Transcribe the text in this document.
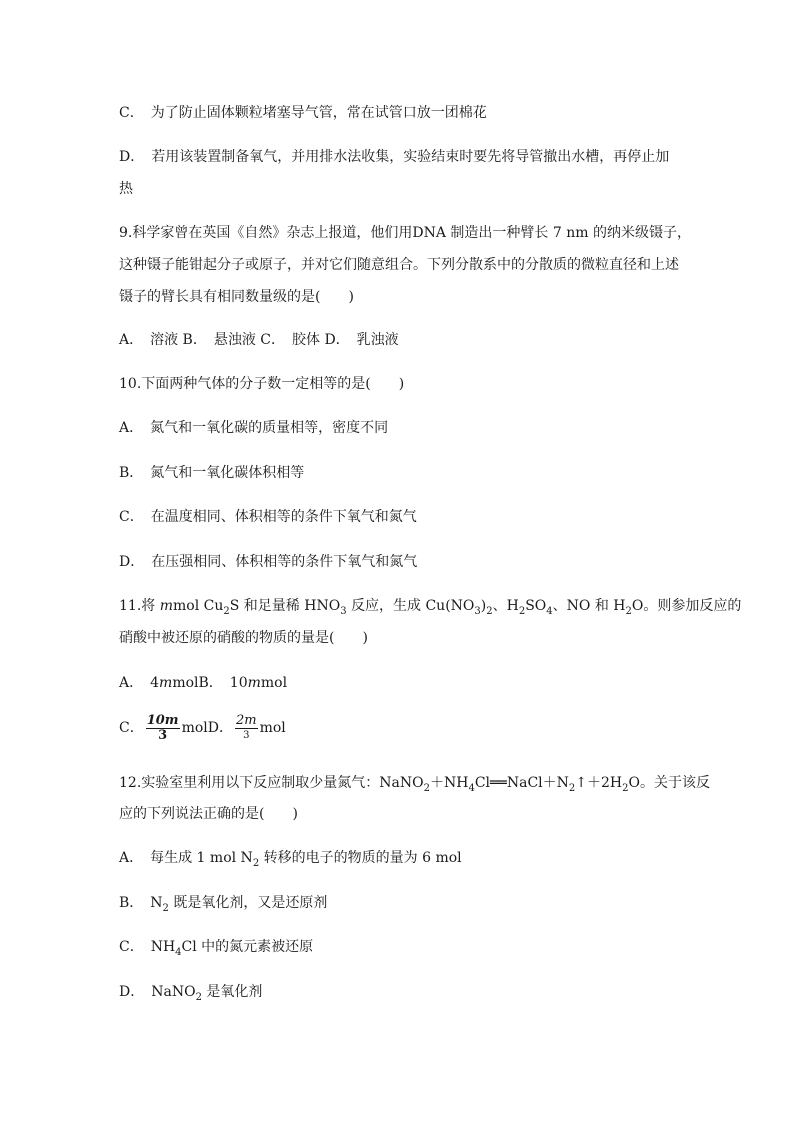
C．　为了防止固体颗粒堵塞导气管，常在试管口放一团棉花
D．　若用该装置制备氧气，并用排水法收集，实验结束时要先将导管撤出水槽，再停止加
热
9.科学家曾在英国《自然》杂志上报道，他们用DNA 制造出一种臂长 7 nm 的纳米级镊子，
这种镊子能钳起分子或原子，并对它们随意组合。下列分散系中的分散质的微粒直径和上述
镊子的臂长具有相同数量级的是(　　)
A．　溶液 B．　悬浊液 C．　胶体 D．　乳浊液
10.下面两种气体的分子数一定相等的是(　　)
A．　氮气和一氧化碳的质量相等，密度不同
B．　氮气和一氧化碳体积相等
C．　在温度相同、体积相等的条件下氧气和氮气
D．　在压强相同、体积相等的条件下氧气和氮气
11.将 mmol $Cu_2S$ 和足量稀 $HNO_3$ 反应，生成 $Cu(NO_3)_2$、$H_2SO_4$、NO 和 $H_2O$。则参加反应的
硝酸中被还原的硝酸的物质的量是(　　)
A．　4mmolB．　10mmol
C． $\frac{10m}{3}$ molD． $\frac{2m}{3}$ mol
12.实验室里利用以下反应制取少量氮气：$NaNO_2+NH_4Cl══NaCl+N_2↑+2H_2O$。关于该反
应的下列说法正确的是(　　)
A．　每生成 1 mol $N_2$ 转移的电子的物质的量为 6 mol
B．　$N_2$ 既是氧化剂，又是还原剂
C．　$NH_4Cl$ 中的氮元素被还原
D．　NaNO$_2$ 是氧化剂
